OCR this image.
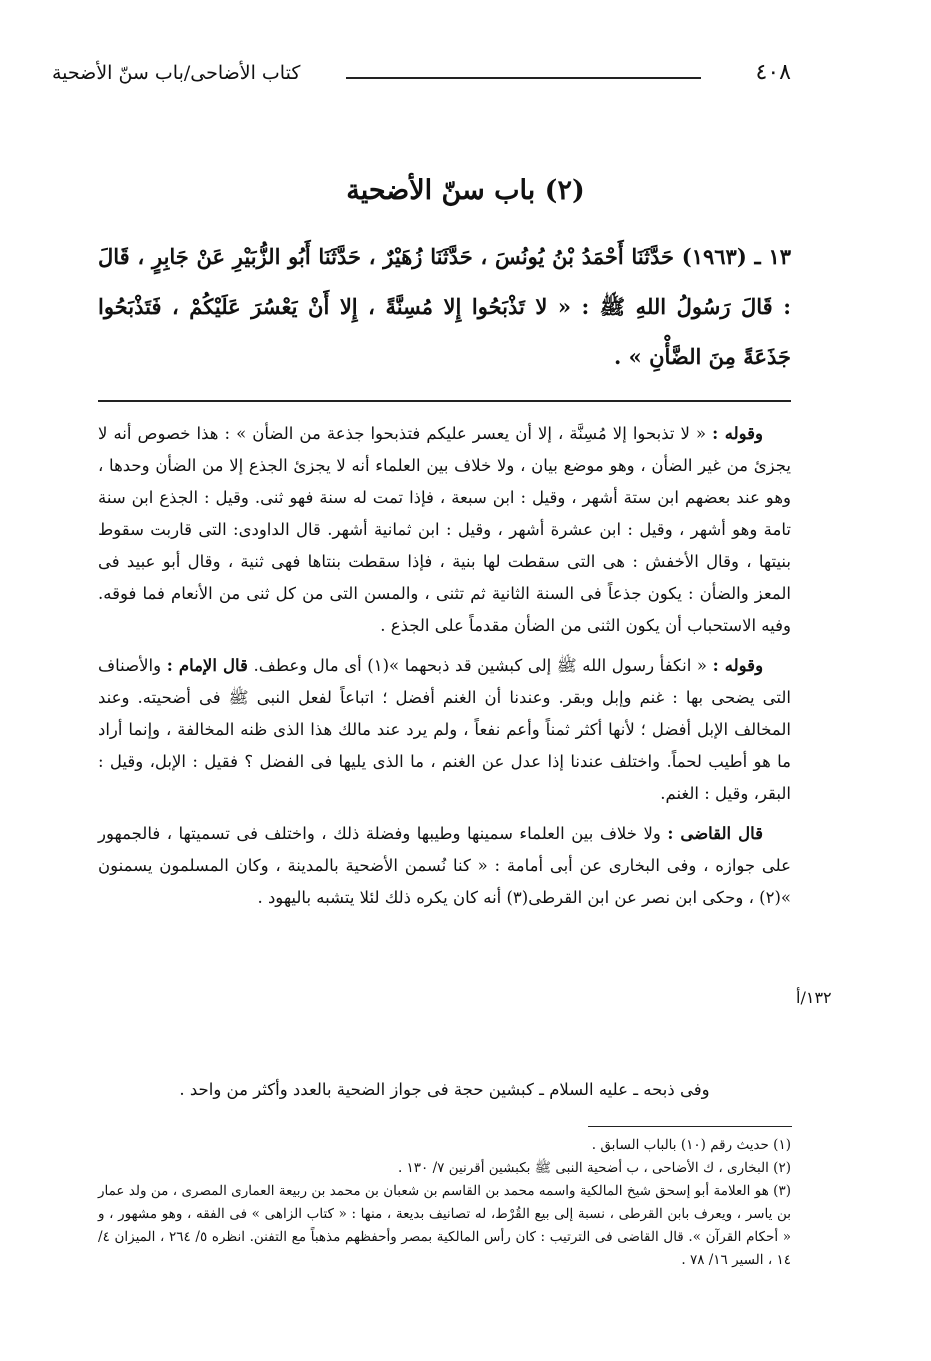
٤٠٨
كتاب الأضاحى/باب سنّ الأضحية
(٢) باب سنّ الأضحية
١٣ ـ (١٩٦٣) حَدَّثَنَا أَحْمَدُ بْنُ يُونُسَ ، حَدَّثَنَا زُهَيْرٌ ، حَدَّثَنَا أَبُو الزُّبَيْرِ عَنْ جَابِرٍ ، قَالَ : قَالَ رَسُولُ اللهِ ﷺ : « لا تَذْبَحُوا إِلا مُسِنَّةً ، إِلا أَنْ يَعْسُرَ عَلَيْكُمْ ، فَتَذْبَحُوا جَذَعَةً مِنَ الضَّأْنِ » .

وقوله : « لا تذبحوا إلا مُسِنَّة ، إلا أن يعسر عليكم فتذبحوا جذعة من الضأن » : هذا خصوص أنه لا يجزئ من غير الضأن ، وهو موضع بيان ، ولا خلاف بين العلماء أنه لا يجزئ الجذع إلا من الضأن وحدها ، وهو عند بعضهم ابن ستة أشهر ، وقيل : ابن سبعة ، فإذا تمت له سنة فهو ثنى. وقيل : الجذع ابن سنة تامة وهو أشهر ، وقيل : ابن عشرة أشهر ، وقيل : ابن ثمانية أشهر. قال الداودى: التى قاربت سقوط بنيتها ، وقال الأخفش : هى التى سقطت لها بنية ، فإذا سقطت بنتاها فهى ثنية ، وقال أبو عبيد فى المعز والضأن : يكون جذعاً فى السنة الثانية ثم تثنى ، والمسن التى من كل ثنى من الأنعام فما فوقه. وفيه الاستحباب أن يكون الثنى من الضأن مقدماً على الجذع .

وقوله : « انكفأ رسول الله ﷺ إلى كبشين قد ذبحهما »(١) أى مال وعطف. قال الإمام : والأصناف التى يضحى بها : غنم وإبل وبقر. وعندنا أن الغنم أفضل ؛ اتباعاً لفعل النبى ﷺ فى أضحيته. وعند المخالف الإبل أفضل ؛ لأنها أكثر ثمناً وأعم نفعاً ، ولم يرد عند مالك هذا الذى ظنه المخالفة ، وإنما أراد ما هو أطيب لحماً. واختلف عندنا إذا عدل عن الغنم ، ما الذى يليها فى الفضل ؟ فقيل : الإبل، وقيل : البقر، وقيل : الغنم.

قال القاضى : ولا خلاف بين العلماء سمينها وطيبها وفضلة ذلك ، واختلف فى تسميتها ، فالجمهور على جوازه ، وفى البخارى عن أبى أمامة : « كنا نُسمن الأضحية بالمدينة ، وكان المسلمون يسمنون »(٢) ، وحكى ابن نصر عن ابن القرطى(٣) أنه كان يكره ذلك لئلا يتشبه باليهود .

١٣٢/أ
وفى ذبحه ـ عليه السلام ـ كبشين حجة فى جواز الضحية بالعدد وأكثر من واحد .

(١) حديث رقم (١٠) بالباب السابق .

(٢) البخارى ، ك الأضاحى ، ب أضحية النبى ﷺ بكبشين أقرنين ٧/ ١٣٠ .

(٣) هو العلامة أبو إسحق شيخ المالكية واسمه محمد بن القاسم بن شعبان بن محمد بن ربيعة العمارى المصرى ، من ولد عمار بن ياسر ، ويعرف بابن القرطى ، نسبة إلى بيع القُرْط، له تصانيف بديعة ، منها : « كتاب الزاهى » فى الفقه ، وهو مشهور ، و « أحكام القرآن ». قال القاضى فى الترتيب : كان رأس المالكية بمصر وأحفظهم مذهباً مع التفنن. انظره ٥/ ٢٦٤ ، الميزان ٤/ ١٤ ، السير ١٦/ ٧٨ .
